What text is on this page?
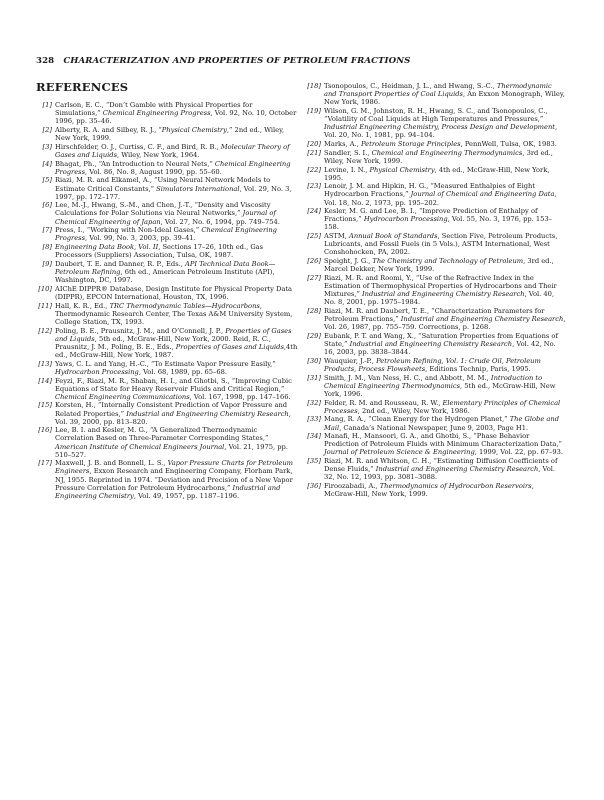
328 CHARACTERIZATION AND PROPERTIES OF PETROLEUM FRACTIONS
REFERENCES
[1] Carlson, E. C., “Don’t Gamble with Physical Properties for Simulations,” Chemical Engineering Progress, Vol. 92, No. 10, October 1996, pp. 35–46.
[2] Alberty, R. A. and Silbey, R. J., “Physical Chemistry,” 2nd ed., Wiley, New York, 1999.
[3] Hirschfelder, O. J., Curtiss, C. F., and Bird, R. B., Molecular Theory of Gases and Liquids, Wiley, New York, 1964.
[4] Bhagat, Ph., “An Introduction to Neural Nets,” Chemical Engineering Progress, Vol. 86, No. 8, August 1990, pp. 55–60.
[5] Riazi, M. R. and Elkamel, A., “Using Neural Network Models to Estimate Critical Constants,” Simulators International, Vol. 29, No. 3, 1997, pp. 172–177.
[6] Lee, M.-J., Hwang, S.-M., and Chen, J.-T., “Density and Viscosity Calculations for Polar Solutions via Neural Networks,” Journal of Chemical Engineering of Japan, Vol. 27, No. 6, 1994, pp. 749–754.
[7] Press, I., “Working with Non-Ideal Gases,” Chemical Engineering Progress, Vol. 99, No. 3, 2003, pp. 39–41.
[8] Engineering Data Book, Vol. II, Sections 17–26, 10th ed., Gas Processors (Suppliers) Association, Tulsa, OK, 1987.
[9] Daubert, T. E. and Danner, R. P., Eds., API Technical Data Book—Petroleum Refining, 6th ed., American Petroleum Institute (API), Washington, DC, 1997.
[10] AIChE DIPPR® Database, Design Institute for Physical Property Data (DIPPR), EPCON International, Houston, TX, 1996.
[11] Hall, K. R., Ed., TRC Thermodynamic Tables—Hydrocarbons, Thermodynamic Research Center, The Texas A&M University System, College Station, TX, 1993.
[12] Poling, B. E., Prausnitz, J. M., and O’Connell, J. P., Properties of Gases and Liquids, 5th ed., McGraw-Hill, New York, 2000. Reid, R. C., Prausnitz, J. M., Poling, B. E., Eds., Properties of Gases and Liquids,4th ed., McGraw-Hill, New York, 1987.
[13] Yaws, C. L. and Yang, H.-C., “To Estimate Vapor Pressure Easily,” Hydrocarbon Processing, Vol. 68, 1989, pp. 65–68.
[14] Feyzi, F., Riazi, M. R., Shaban, H. I., and Ghotbi, S., “Improving Cubic Equations of State for Heavy Reservoir Fluids and Critical Region,” Chemical Engineering Communications, Vol. 167, 1998, pp. 147–166.
[15] Korsten, H., “Internally Consistent Prediction of Vapor Pressure and Related Properties,” Industrial and Engineering Chemistry Research, Vol. 39, 2000, pp. 813–820.
[16] Lee, B. I. and Kesler, M. G., “A Generalized Thermodynamic Correlation Based on Three-Parameter Corresponding States,” American Institute of Chemical Engineers Journal, Vol. 21, 1975, pp. 510–527.
[17] Maxwell, J. B. and Bonnell, L. S., Vapor Pressure Charts for Petroleum Engineers, Exxon Research and Engineering Company, Florham Park, NJ, 1955. Reprinted in 1974. “Deviation and Precision of a New Vapor Pressure Correlation for Petroleum Hydrocarbons,” Industrial and Engineering Chemistry, Vol. 49, 1957, pp. 1187–1196.
[18] Tsonopoulos, C., Heidman, J. L., and Hwang, S.-C., Thermodynamic and Transport Properties of Coal Liquids, An Exxon Monograph, Wiley, New York, 1986.
[19] Wilson, G. M., Johnston, R. H., Hwang, S. C., and Tsonopoulos, C., “Volatility of Coal Liquids at High Temperatures and Pressures,” Industrial Engineering Chemistry, Process Design and Development, Vol. 20, No. 1, 1981, pp. 94–104.
[20] Marks, A., Petroleum Storage Principles, PennWell, Tulsa, OK, 1983.
[21] Sandler, S. I., Chemical and Engineering Thermodynamics, 3rd ed., Wiley, New York, 1999.
[22] Levine, I. N., Physical Chemistry, 4th ed., McGraw-Hill, New York, 1995.
[23] Lenoir, J. M. and Hipkin, H. G., “Measured Enthalpies of Eight Hydrocarbon Fractions,” Journal of Chemical and Engineering Data, Vol. 18, No. 2, 1973, pp. 195–202.
[24] Kesler, M. G. and Lee, B. I., “Improve Prediction of Enthalpy of Fractions,” Hydrocarbon Processing, Vol. 55, No. 3, 1976, pp. 153–158.
[25] ASTM, Annual Book of Standards, Section Five, Petroleum Products, Lubricants, and Fossil Fuels (in 5 Vols.), ASTM International, West Conshohocken, PA, 2002.
[26] Speight, J. G., The Chemistry and Technology of Petroleum, 3rd ed., Marcel Dekker, New York, 1999.
[27] Riazi, M. R. and Roomi, Y., “Use of the Refractive Index in the Estimation of Thermophysical Properties of Hydrocarbons and Their Mixtures,” Industrial and Engineering Chemistry Research, Vol. 40, No. 8, 2001, pp. 1975–1984.
[28] Riazi, M. R. and Daubert, T. E., “Characterization Parameters for Petroleum Fractions,” Industrial and Engineering Chemistry Research, Vol. 26, 1987, pp. 755–759. Corrections, p. 1268.
[29] Eubank, P. T. and Wang, X., “Saturation Properties from Equations of State,” Industrial and Engineering Chemistry Research, Vol. 42, No. 16, 2003, pp. 3838–3844.
[30] Wauquier, J.-P., Petroleum Refining, Vol. 1: Crude Oil, Petroleum Products, Process Flowsheets, Editions Technip, Paris, 1995.
[31] Smith, J. M., Van Ness, H. C., and Abbott, M. M., Introduction to Chemical Engineering Thermodynamics, 5th ed., McGraw-Hill, New York, 1996.
[32] Felder, R. M. and Rousseau, R. W., Elementary Principles of Chemical Processes, 2nd ed., Wiley, New York, 1986.
[33] Mang, R. A., “Clean Energy for the Hydrogen Planet,” The Globe and Mail, Canada’s National Newspaper, June 9, 2003, Page H1.
[34] Manafi, H., Mansoori, G. A., and Ghotbi, S., “Phase Behavior Prediction of Petroleum Fluids with Minimum Characterization Data,” Journal of Petroleum Science & Engineering, 1999, Vol. 22, pp. 67–93.
[35] Riazi, M. R. and Whitson, C. H., “Estimating Diffusion Coefficients of Dense Fluids,” Industrial and Engineering Chemistry Research, Vol. 32, No. 12, 1993, pp. 3081–3088.
[36] Firoozabadi, A., Thermodynamics of Hydrocarbon Reservoirs, McGraw-Hill, New York, 1999.
